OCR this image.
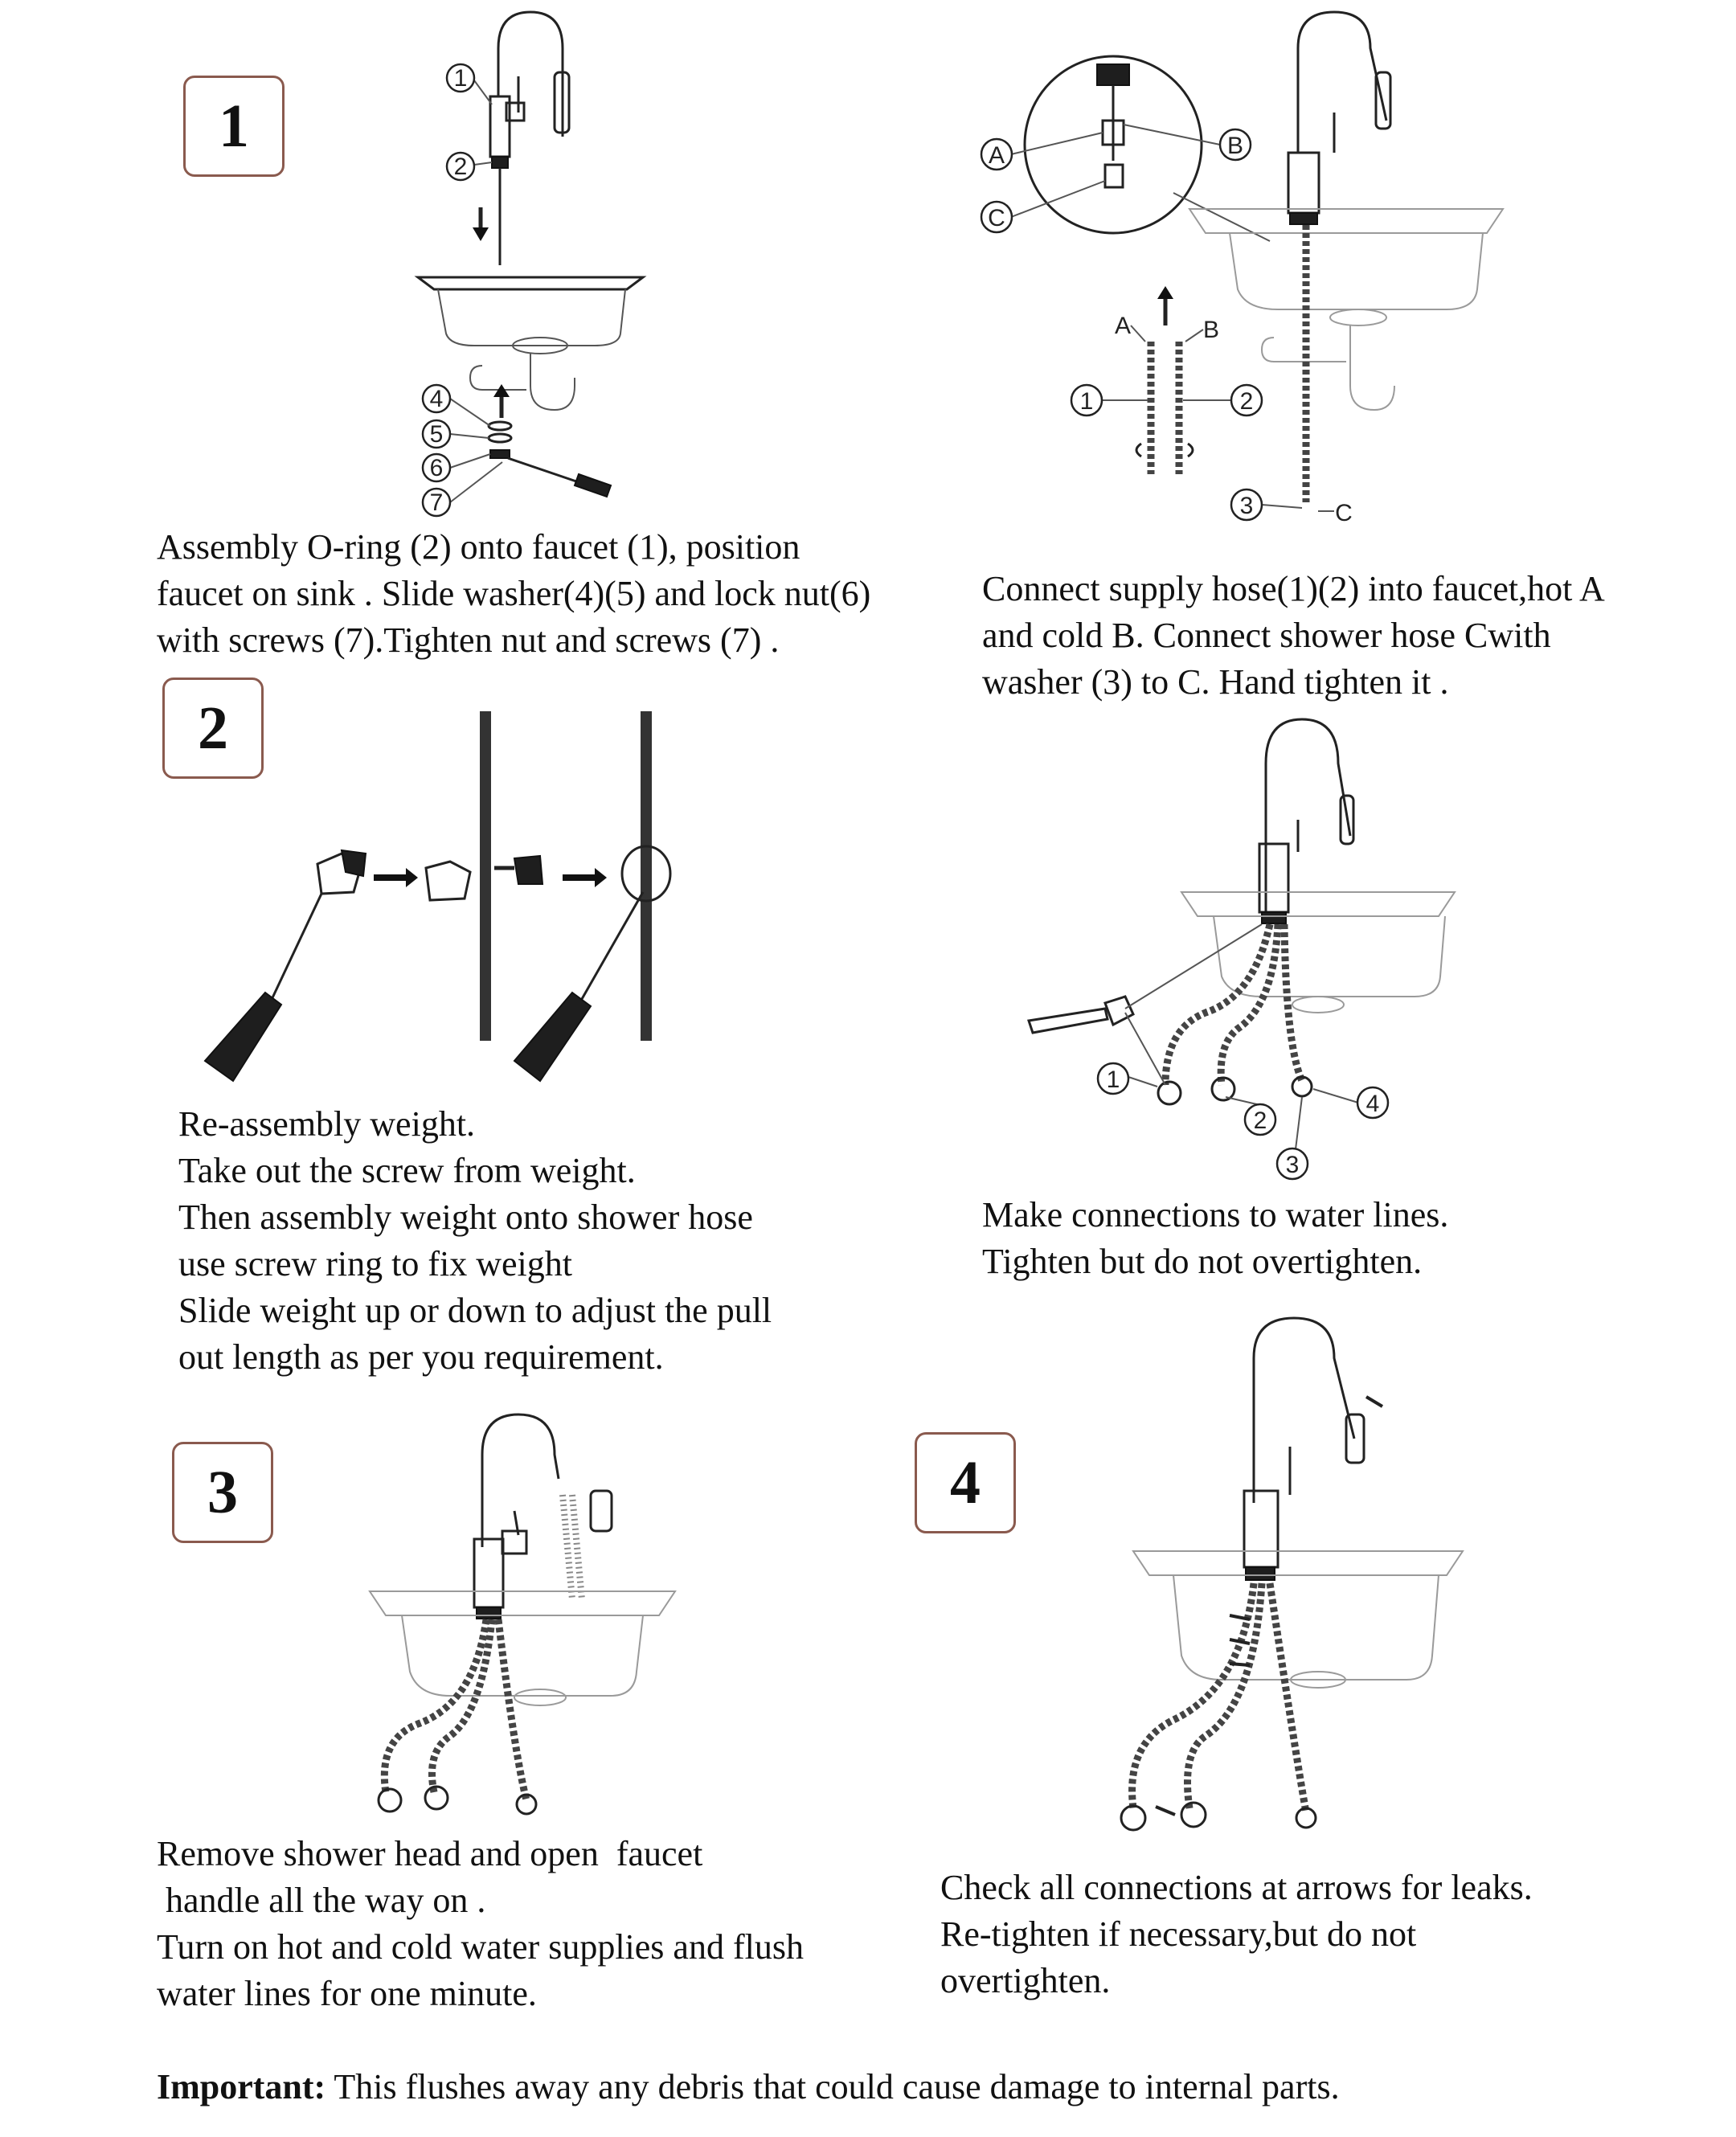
1
2
3	4
1
2
4
5
6
7
A	B
C
A	B
C
1	2
3
1
2
3
4
Assembly O-ring (2) onto faucet (1), position
faucet on sink . Slide washer(4)(5) and lock nut(6)
with screws (7).Tighten nut and screws (7) .
Connect supply hose(1)(2) into faucet,hot A
and cold B. Connect shower hose Cwith
washer (3) to C. Hand tighten it .
Re-assembly weight.
Take out the screw from weight.
Then assembly weight onto shower hose
use screw ring to fix weight
Slide weight up or down to adjust the pull
out length as per you requirement.
Make connections to water lines.
Tighten but do not overtighten.
Remove shower head and open  faucet
handle all the way on .
Turn on hot and cold water supplies and flush
water lines for one minute.
Check all connections at arrows for leaks.
Re-tighten if necessary,but do not
overtighten.
Important: This flushes away any debris that could cause damage to internal parts.
